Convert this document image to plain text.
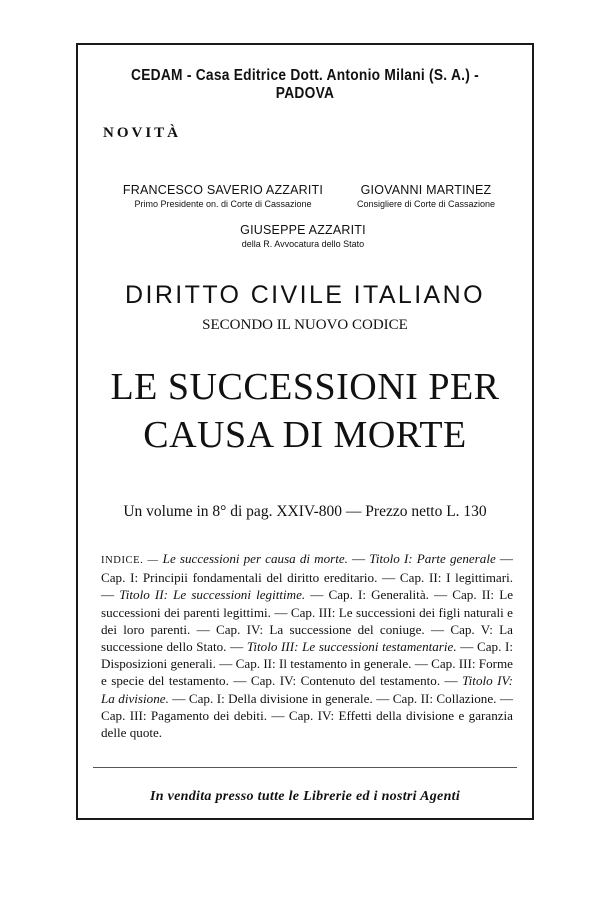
CEDAM - Casa Editrice Dott. Antonio Milani (S. A.) - PADOVA
NOVITÀ
FRANCESCO SAVERIO AZZARITI
Primo Presidente on. di Corte di Cassazione
GIOVANNI MARTINEZ
Consigliere di Corte di Cassazione
GIUSEPPE AZZARITI
della R. Avvocatura dello Stato
DIRITTO CIVILE ITALIANO
SECONDO IL NUOVO CODICE
LE SUCCESSIONI PER
CAUSA DI MORTE
Un volume in 8° di pag. XXIV-800 — Prezzo netto L. 130
INDICE. — Le successioni per causa di morte. — Titolo I: Parte generale — Cap. I: Principii fondamentali del diritto ereditario. — Cap. II: I legittimari. — Titolo II: Le successioni legittime. — Cap. I: Generalità. — Cap. II: Le successioni dei parenti legittimi. — Cap. III: Le successioni dei figli naturali e dei loro parenti. — Cap. IV: La successione del coniuge. — Cap. V: La successione dello Stato. — Titolo III: Le successioni testamentarie. — Cap. I: Disposizioni generali. — Cap. II: Il testamento in generale. — Cap. III: Forme e specie del testamento. — Cap. IV: Contenuto del testamento. — Titolo IV: La divisione. — Cap. I: Della divisione in generale. — Cap. II: Collazione. — Cap. III: Pagamento dei debiti. — Cap. IV: Effetti della divisione e garanzia delle quote.
In vendita presso tutte le Librerie ed i nostri Agenti
